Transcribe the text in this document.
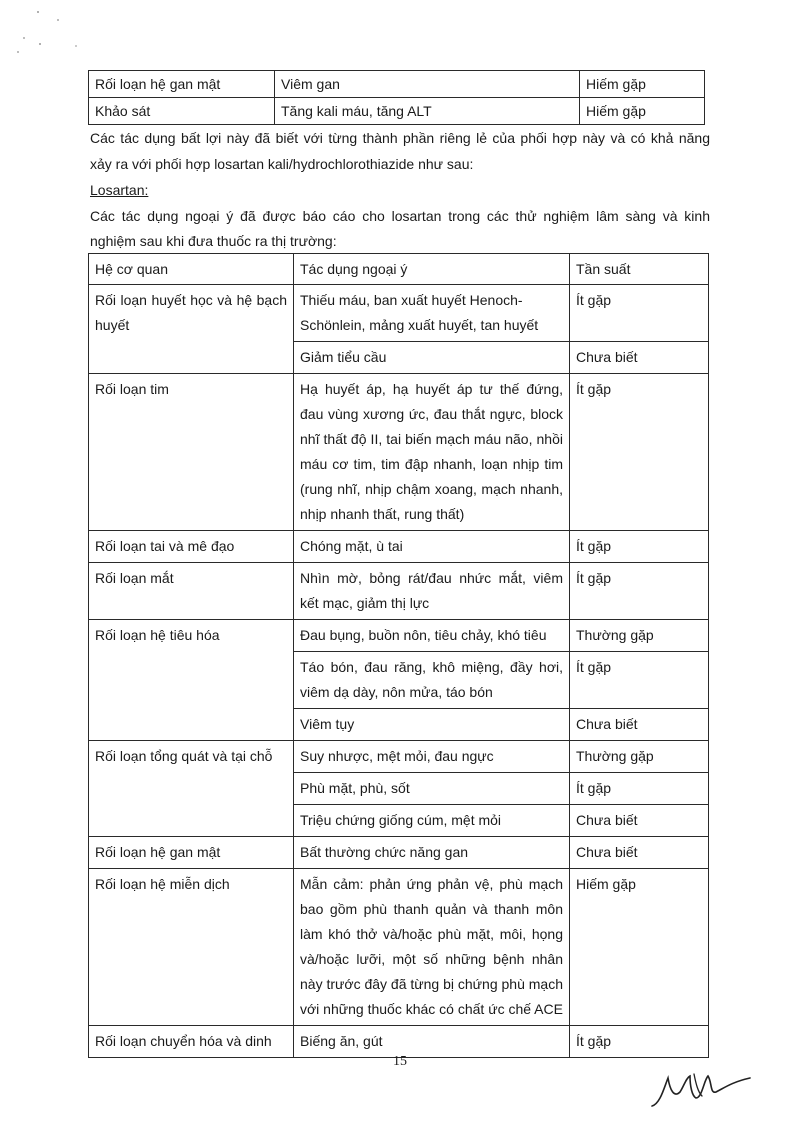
Rối loạn hệ gan mật	Viêm gan	Hiếm gặp
Khảo sát	Tăng kali máu, tăng ALT	Hiếm gặp
Các tác dụng bất lợi này đã biết với từng thành phần riêng lẻ của phối hợp này và có khả năng
xảy ra với phối hợp losartan kali/hydrochlorothiazide như sau:
Losartan:
Các tác dụng ngoại ý đã được báo cáo cho losartan trong các thử nghiệm lâm sàng và kinh
nghiệm sau khi đưa thuốc ra thị trường:
Hệ cơ quan	Tác dụng ngoại ý	Tần suất
Rối loạn huyết học và hệ bạch huyết	Thiếu máu, ban xuất huyết Henoch-Schönlein, mảng xuất huyết, tan huyết	Ít gặp
	Giảm tiểu cầu	Chưa biết
Rối loạn tim	Hạ huyết áp, hạ huyết áp tư thế đứng, đau vùng xương ức, đau thắt ngực, block nhĩ thất độ II, tai biến mạch máu não, nhồi máu cơ tim, tim đập nhanh, loạn nhịp tim (rung nhĩ, nhịp chậm xoang, mạch nhanh, nhịp nhanh thất, rung thất)	Ít gặp
Rối loạn tai và mê đạo	Chóng mặt, ù tai	Ít gặp
Rối loạn mắt	Nhìn mờ, bỏng rát/đau nhức mắt, viêm kết mạc, giảm thị lực	Ít gặp
Rối loạn hệ tiêu hóa	Đau bụng, buồn nôn, tiêu chảy, khó tiêu	Thường gặp
	Táo bón, đau răng, khô miệng, đầy hơi, viêm dạ dày, nôn mửa, táo bón	Ít gặp
	Viêm tụy	Chưa biết
Rối loạn tổng quát và tại chỗ	Suy nhược, mệt mỏi, đau ngực	Thường gặp
	Phù mặt, phù, sốt	Ít gặp
	Triệu chứng giống cúm, mệt mỏi	Chưa biết
Rối loạn hệ gan mật	Bất thường chức năng gan	Chưa biết
Rối loạn hệ miễn dịch	Mẫn cảm: phản ứng phản vệ, phù mạch bao gồm phù thanh quản và thanh môn làm khó thở và/hoặc phù mặt, môi, họng và/hoặc lưỡi, một số những bệnh nhân này trước đây đã từng bị chứng phù mạch với những thuốc khác có chất ức chế ACE	Hiếm gặp
Rối loạn chuyển hóa và dinh	Biếng ăn, gút	Ít gặp
15
